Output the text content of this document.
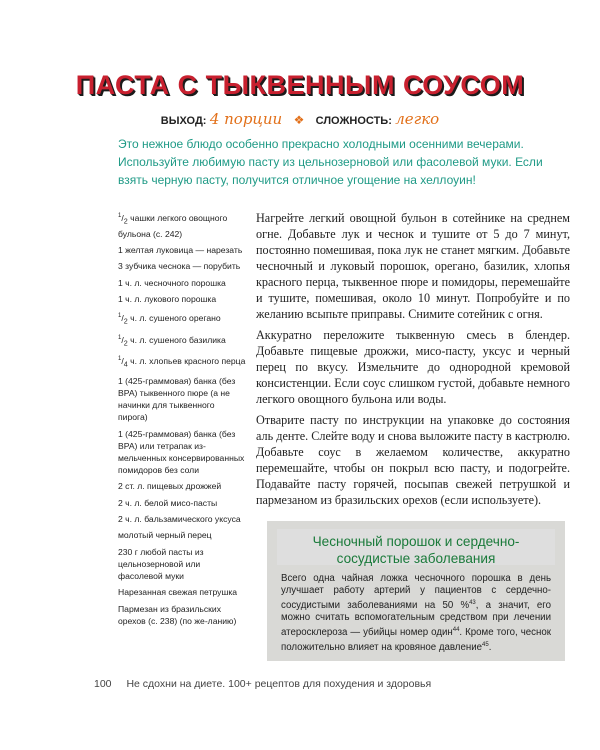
ПАСТА С ТЫКВЕННЫМ СОУСОМ
ВЫХОД: 4 порции ❖ СЛОЖНОСТЬ: легко
Это нежное блюдо особенно прекрасно холодными осенними вечерами. Используйте любимую пасту из цельнозерновой или фасолевой муки. Если взять черную пасту, получится отличное угощение на хеллоуин!
$^1/_2$ чашки легкого овощного бульона (с. 242)
1 желтая луковица — нарезать
3 зубчика чеснока — порубить
1 ч. л. чесночного порошка
1 ч. л. лукового порошка
$^1/_2$ ч. л. сушеного орегано
$^1/_2$ ч. л. сушеного базилика
$^1/_4$ ч. л. хлопьев красного перца
1 (425-граммовая) банка (без BPA) тыквенного пюре (а не начинки для тыквенного пирога)
1 (425-граммовая) банка (без BPA) или тетрапак из-мельченных консервированных помидоров без соли
2 ст. л. пищевых дрожжей
2 ч. л. белой мисо-пасты
2 ч. л. бальзамического уксуса
молотый черный перец
230 г любой пасты из цельнозерновой или фасолевой муки
Нарезанная свежая петрушка
Пармезан из бразильских орехов (с. 238) (по же-ланию)

Нагрейте легкий овощной бульон в сотейнике на среднем огне. Добавьте лук и чеснок и тушите от 5 до 7 минут, постоянно помешивая, пока лук не станет мягким. Добавьте чесночный и луковый порошок, орегано, базилик, хлопья красного перца, тыквенное пюре и помидоры, перемешайте и тушите, помешивая, около 10 минут. Попробуйте и по желанию всыпьте приправы. Снимите сотейник с огня.

Аккуратно переложите тыквенную смесь в блендер. Добавьте пищевые дрожжи, мисо-пасту, уксус и черный перец по вкусу. Измельчите до однородной кремовой консистенции. Если соус слишком густой, добавьте немного легкого овощного бульона или воды.

Отварите пасту по инструкции на упаковке до состояния аль денте. Слейте воду и снова выложите пасту в кастрюлю. Добавьте соус в желаемом количестве, аккуратно перемешайте, чтобы он покрыл всю пасту, и подогрейте. Подавайте пасту горячей, посыпав свежей петрушкой и пармезаном из бразильских орехов (если используете).

Чесночный порошок и сердечно-
сосудистые заболевания
Всего одна чайная ложка чесночного порошка в день улучшает работу артерий у пациентов с сердечно-сосудистыми заболеваниями на 50 %$^{43}$, а значит, его можно считать вспомогательным средством при лечении атеросклероза — убийцы номер один$^{44}$. Кроме того, чеснок положительно влияет на кровяное давление$^{45}$.
100 Не сдохни на диете. 100+ рецептов для похудения и здоровья
